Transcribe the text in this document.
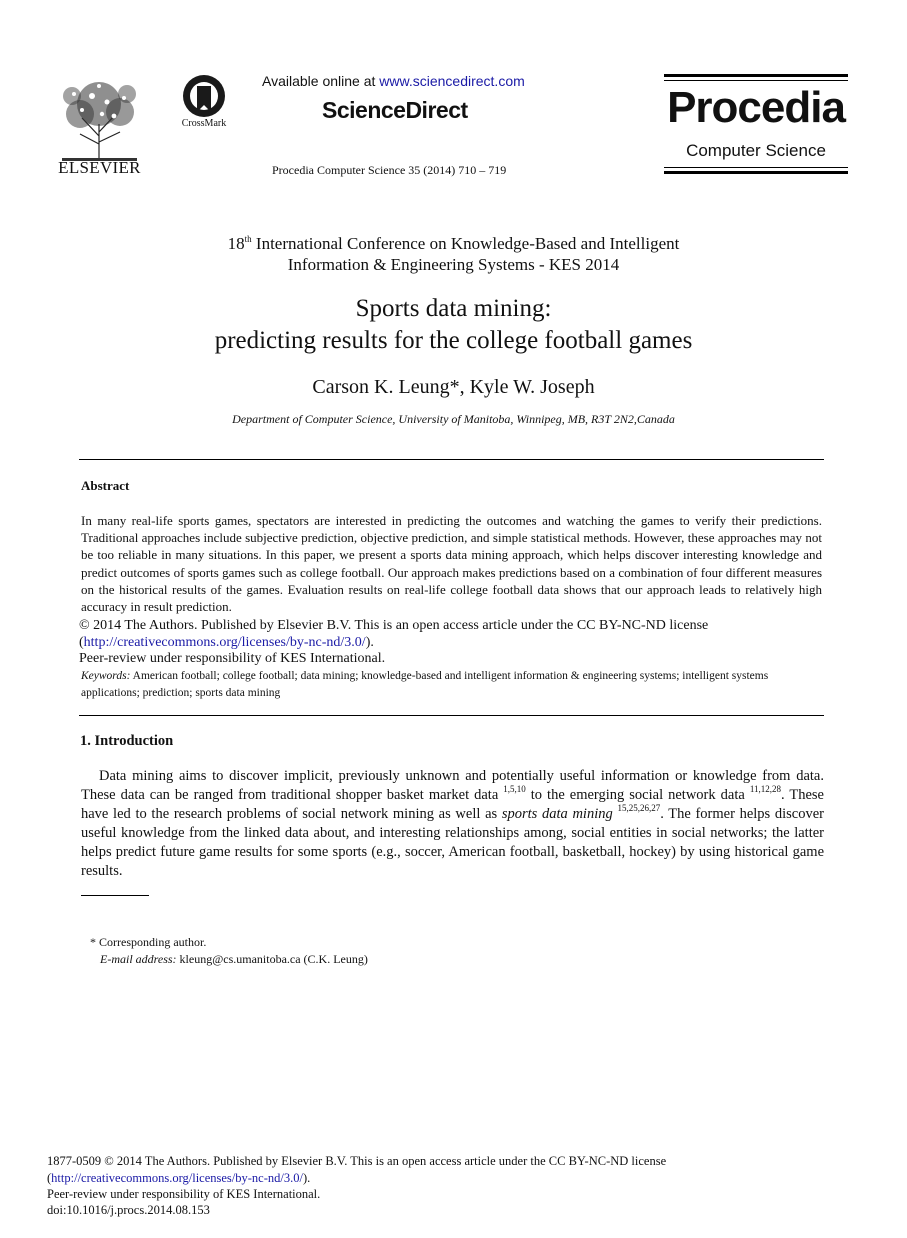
ELSEVIER
CrossMark
Available online at www.sciencedirect.com
ScienceDirect
Procedia Computer Science 35 (2014) 710 – 719
Procedia
Computer Science
18th International Conference on Knowledge-Based and Intelligent
Information & Engineering Systems - KES 2014
Sports data mining:
predicting results for the college football games
Carson K. Leung*, Kyle W. Joseph
Department of Computer Science, University of Manitoba, Winnipeg, MB, R3T 2N2,Canada
Abstract
In many real-life sports games, spectators are interested in predicting the outcomes and watching the games to verify their predictions. Traditional approaches include subjective prediction, objective prediction, and simple statistical methods. However, these approaches may not be too reliable in many situations. In this paper, we present a sports data mining approach, which helps discover interesting knowledge and predict outcomes of sports games such as college football. Our approach makes predictions based on a combination of four different measures on the historical results of the games. Evaluation results on real-life college football data shows that our approach leads to relatively high accuracy in result prediction.
© 2014 The Authors. Published by Elsevier B.V. This is an open access article under the CC BY-NC-ND license
(http://creativecommons.org/licenses/by-nc-nd/3.0/).
Peer-review under responsibility of KES International.
Keywords: American football; college football; data mining; knowledge-based and intelligent information & engineering systems; intelligent systems applications; prediction; sports data mining
1. Introduction
Data mining aims to discover implicit, previously unknown and potentially useful information or knowledge from data. These data can be ranged from traditional shopper basket market data $^{1,5,10}$ to the emerging social network data $^{11,12,28}$. These have led to the research problems of social network mining as well as sports data mining $^{15,25,26,27}$. The former helps discover useful knowledge from the linked data about, and interesting relationships among, social entities in social networks; the latter helps predict future game results for some sports (e.g., soccer, American football, basketball, hockey) by using historical game results.
* Corresponding author.
E-mail address: kleung@cs.umanitoba.ca (C.K. Leung)
1877-0509 © 2014 The Authors. Published by Elsevier B.V. This is an open access article under the CC BY-NC-ND license
(http://creativecommons.org/licenses/by-nc-nd/3.0/).
Peer-review under responsibility of KES International.
doi:10.1016/j.procs.2014.08.153
